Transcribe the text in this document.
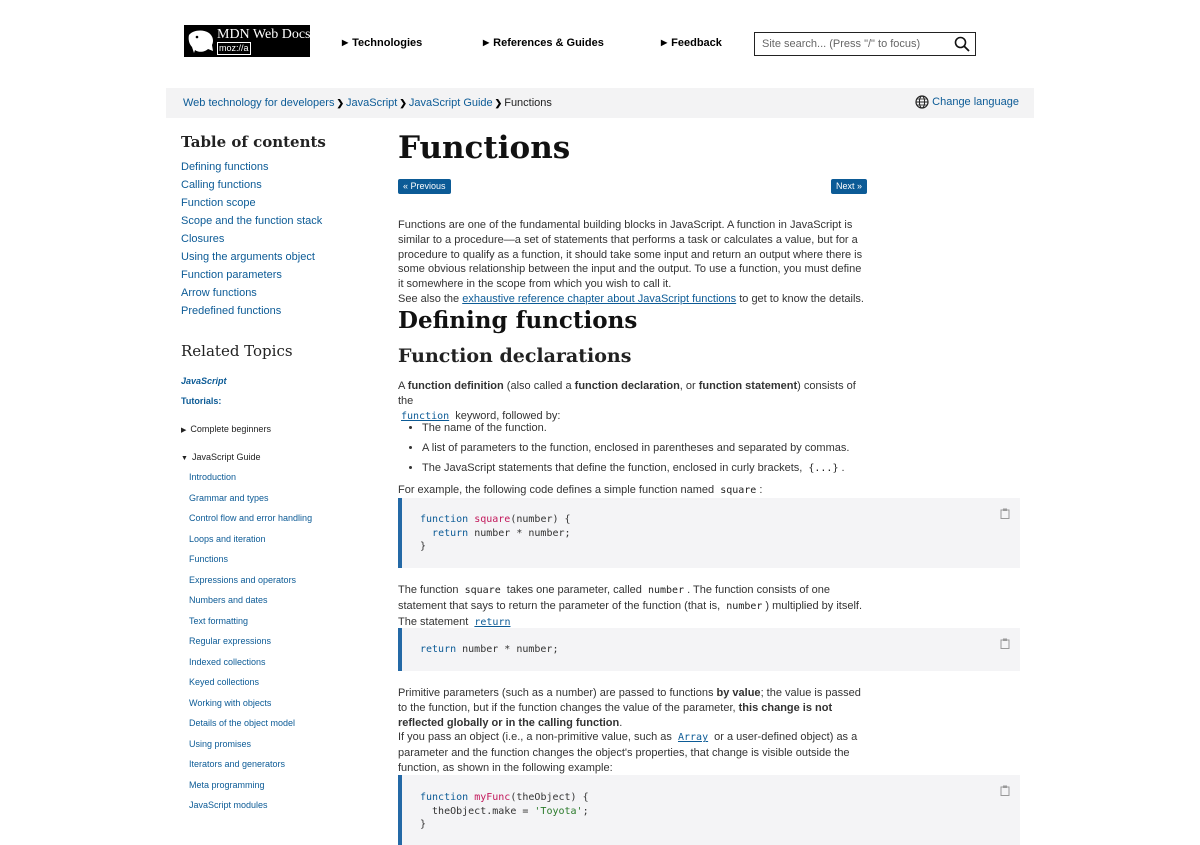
MDN Web Docs
moz://a
▶ Technologies	▶ References & Guides	▶ Feedback
Site search... (Press "/" to focus)
Web technology for developers ❯ JavaScript ❯ JavaScript Guide ❯ Functions	Change language
Table of contents
Defining functions
Calling functions
Function scope
Scope and the function stack
Closures
Using the arguments object
Function parameters
Arrow functions
Predefined functions
Related Topics
JavaScript
Tutorials:
▶ Complete beginners
▼ JavaScript Guide
Introduction
Grammar and types
Control flow and error handling
Loops and iteration
Functions
Expressions and operators
Numbers and dates
Text formatting
Regular expressions
Indexed collections
Keyed collections
Working with objects
Details of the object model
Using promises
Iterators and generators
Meta programming
JavaScript modules
Functions
« Previous	Next »

Functions are one of the fundamental building blocks in JavaScript. A function in JavaScript is similar to a procedure—a set of statements that performs a task or calculates a value, but for a procedure to qualify as a function, it should take some input and return an output where there is some obvious relationship between the input and the output. To use a function, you must define it somewhere in the scope from which you wish to call it.
See also the exhaustive reference chapter about JavaScript functions to get to know the details.

Defining functions
Function declarations

A function definition (also called a function declaration, or function statement) consists of the
function keyword, followed by:

• The name of the function.
• A list of parameters to the function, enclosed in parentheses and separated by commas.
• The JavaScript statements that define the function, enclosed in curly brackets, {...} .

For example, the following code defines a simple function named square :

function square(number) {
return number * number;
}

The function square takes one parameter, called number . The function consists of one statement that says to return the parameter of the function (that is, number ) multiplied by itself. The statement return

return number * number;

Primitive parameters (such as a number) are passed to functions by value; the value is passed to the function, but if the function changes the value of the parameter, this change is not reflected globally or in the calling function.
If you pass an object (i.e., a non-primitive value, such as Array or a user-defined object) as a parameter and the function changes the object's properties, that change is visible outside the function, as shown in the following example:

function myFunc(theObject) {
theObject.make = 'Toyota';
}
